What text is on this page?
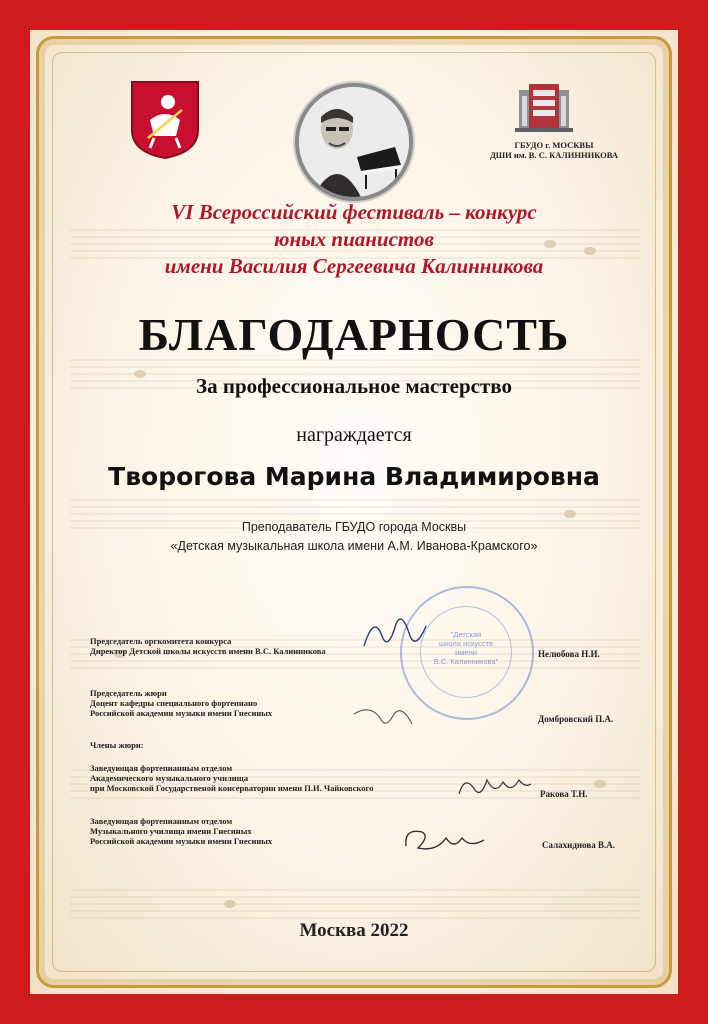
ГБУДО г. МОСКВЫ
ДШИ им. В. С. КАЛИННИКОВА
VI Всероссийский фестиваль – конкурс
юных пианистов
имени Василия Сергеевича Калинникова
БЛАГОДАРНОСТЬ
За профессиональное мастерство
награждается
Творогова Марина Владимировна
Преподаватель ГБУДО города Москвы
«Детская музыкальная школа имени А.М. Иванова-Крамского»
"Детская
школа искусств
имени
В.С. Калинникова"
Председатель оргкомитета конкурса
Директор Детской школы искусств имени В.С. Калинникова	Нелюбова Н.И.
Председатель жюри
Доцент кафедры специального фортепиано
Российской академии музыки имени Гнесиных
Домбровский П.А.
Члены жюри:
Заведующая фортепианным отделом
Академического музыкального училища
при Московской Государственой консерватории имени П.И. Чайковского
Ракова Т.Н.
Заведующая фортепианным отделом
Музыкального училища имени Гнесиных
Российской академии музыки имени Гнесиных	Салахиднова В.А.
Москва 2022
